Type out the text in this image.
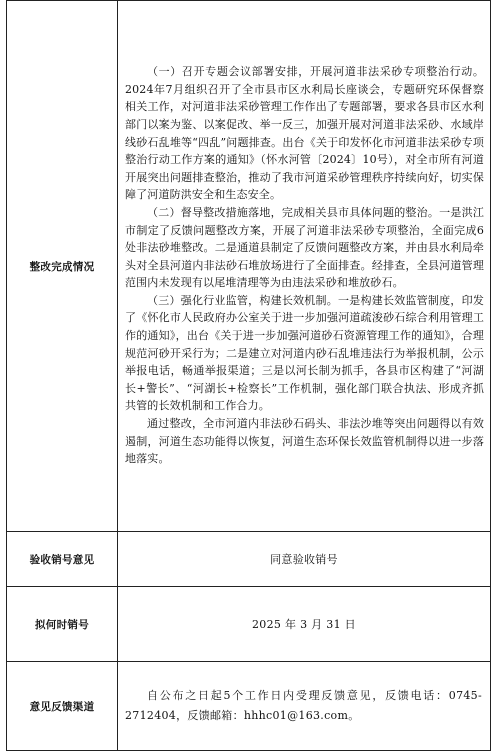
整改完成情况	（一）召开专题会议部署安排，开展河道非法采砂专项整治行动。2024年7月组织召开了全市县市区水利局长座谈会，专题研究环保督察相关工作，对河道非法采砂管理工作作出了专题部署，要求各县市区水利部门以案为鉴、以案促改、举一反三，加强开展对河道非法采砂、水域岸线砂石乱堆等“四乱”问题排查。出台《关于印发怀化市河道非法采砂专项整治行动工作方案的通知》（怀水河管〔2024〕10号），对全市所有河道开展突出问题排查整治，推动了我市河道采砂管理秩序持续向好，切实保障了河道防洪安全和生态安全。

（二）督导整改措施落地，完成相关县市具体问题的整治。一是洪江市制定了反馈问题整改方案，开展了河道非法采砂专项整治，全面完成6处非法砂堆整改。二是通道县制定了反馈问题整改方案，并由县水利局牵头对全县河道内非法砂石堆放场进行了全面排查。经排查，全县河道管理范围内未发现有以尾堆清理等为由违法采砂和堆放砂石。

（三）强化行业监管，构建长效机制。一是构建长效监管制度，印发了《怀化市人民政府办公室关于进一步加强河道疏浚砂石综合利用管理工作的通知》，出台《关于进一步加强河道砂石资源管理工作的通知》，合理规范河砂开采行为；二是建立对河道内砂石乱堆违法行为举报机制，公示举报电话，畅通举报渠道；三是以河长制为抓手，各县市区构建了“河湖长+警长”、“河湖长+检察长”工作机制，强化部门联合执法、形成齐抓共管的长效机制和工作合力。

通过整改，全市河道内非法砂石码头、非法沙堆等突出问题得以有效遏制，河道生态功能得以恢复，河道生态环保长效监管机制得以进一步落地落实。

验收销号意见	同意验收销号
拟何时销号	2025 年 3 月 31 日
意见反馈渠道	自公布之日起5个工作日内受理反馈意见，反馈电话：0745-2712404，反馈邮箱：hhhc01@163.com。
